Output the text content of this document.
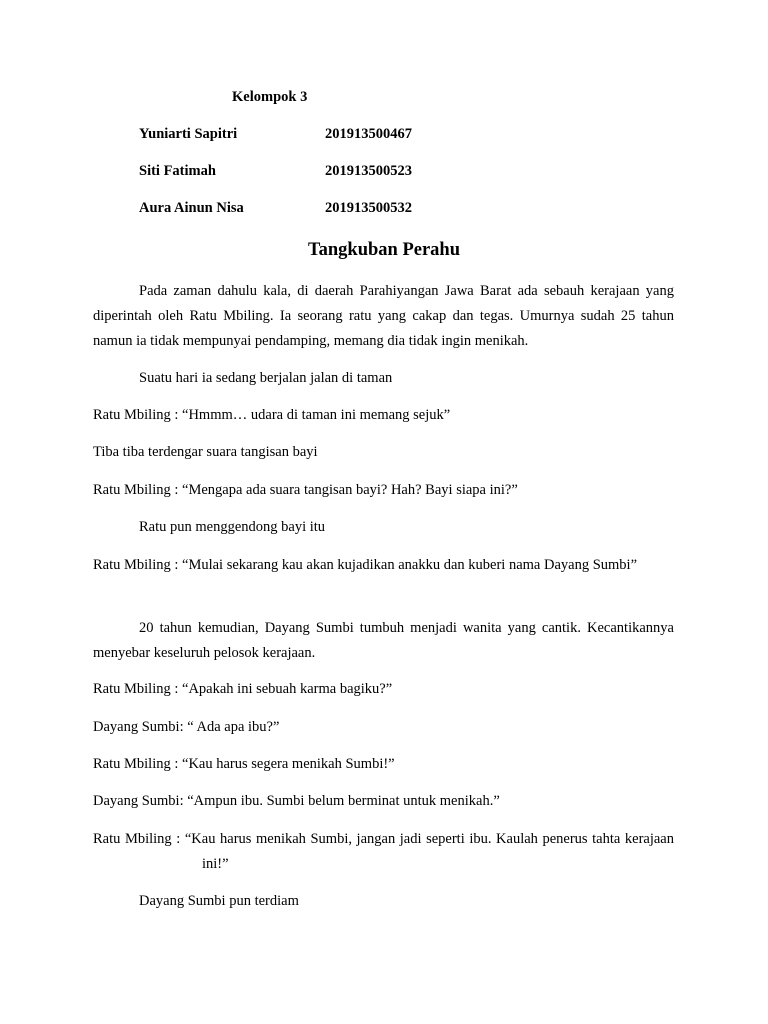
Kelompok 3
Yuniarti Sapitri	201913500467
Siti Fatimah	201913500523
Aura Ainun Nisa	201913500532
Tangkuban Perahu
Pada zaman dahulu kala, di daerah Parahiyangan Jawa Barat ada sebauh kerajaan yang diperintah oleh Ratu Mbiling. Ia seorang ratu yang cakap dan tegas. Umurnya sudah 25 tahun namun ia tidak mempunyai pendamping, memang dia tidak ingin menikah.
Suatu hari ia sedang berjalan jalan di taman
Ratu Mbiling : “Hmmm… udara di taman ini memang sejuk”
Tiba tiba terdengar suara tangisan bayi
Ratu Mbiling : “Mengapa ada suara tangisan bayi? Hah? Bayi siapa ini?”
Ratu pun menggendong bayi itu
Ratu Mbiling : “Mulai sekarang kau akan kujadikan anakku dan kuberi nama Dayang Sumbi”
20 tahun kemudian, Dayang Sumbi tumbuh menjadi wanita yang cantik. Kecantikannya menyebar keseluruh pelosok kerajaan.
Ratu Mbiling : “Apakah ini sebuah karma bagiku?”
Dayang Sumbi: “ Ada apa ibu?”
Ratu Mbiling : “Kau harus segera menikah Sumbi!”
Dayang Sumbi: “Ampun ibu. Sumbi belum berminat untuk menikah.”
Ratu Mbiling : “Kau harus menikah Sumbi, jangan jadi seperti ibu. Kaulah penerus tahta kerajaan ini!”
Dayang Sumbi pun terdiam
